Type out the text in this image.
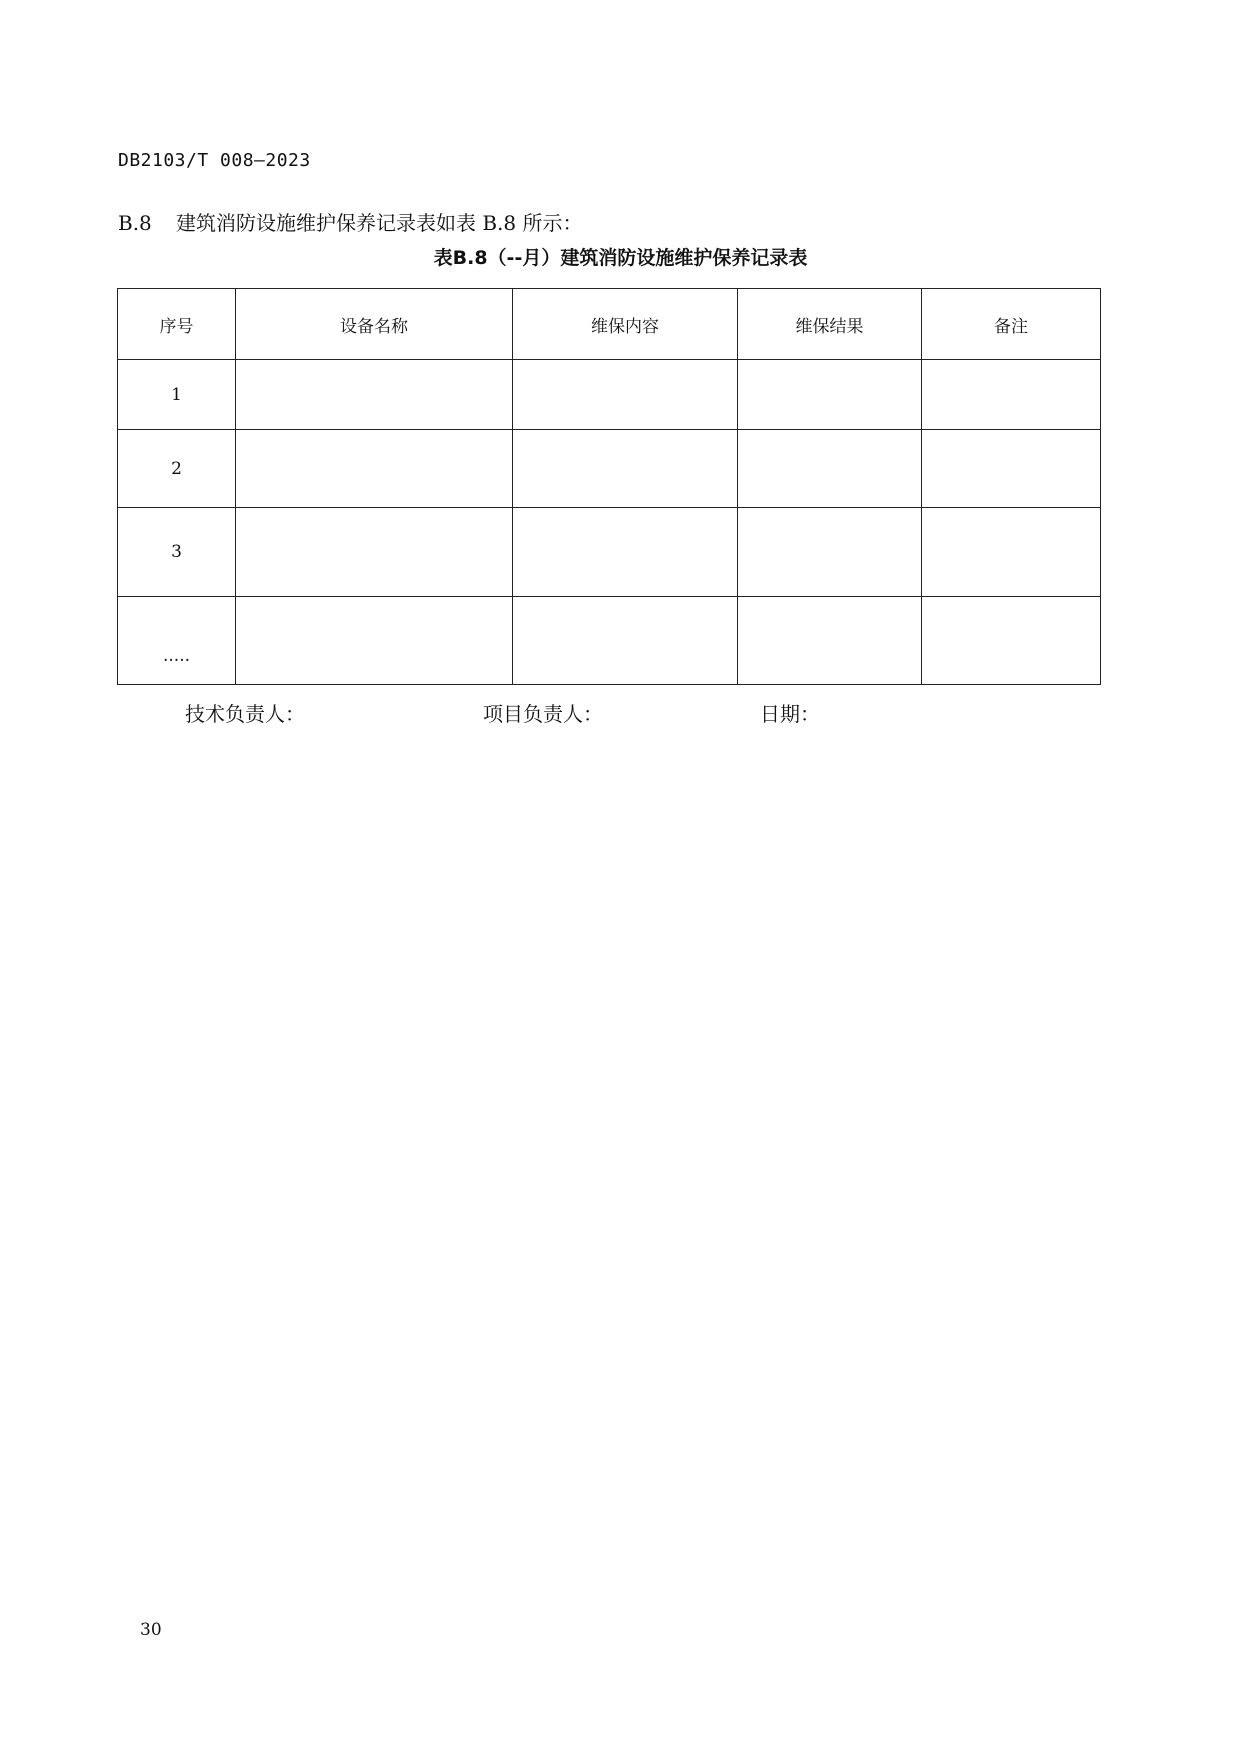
DB2103/T 008—2023
B.8 建筑消防设施维护保养记录表如表 B.8 所示：
表B.8（--月）建筑消防设施维护保养记录表
序号	设备名称	维保内容	维保结果	备注
1				
2				
3				
.....				
技术负责人：	项目负责人：	日期：
30
